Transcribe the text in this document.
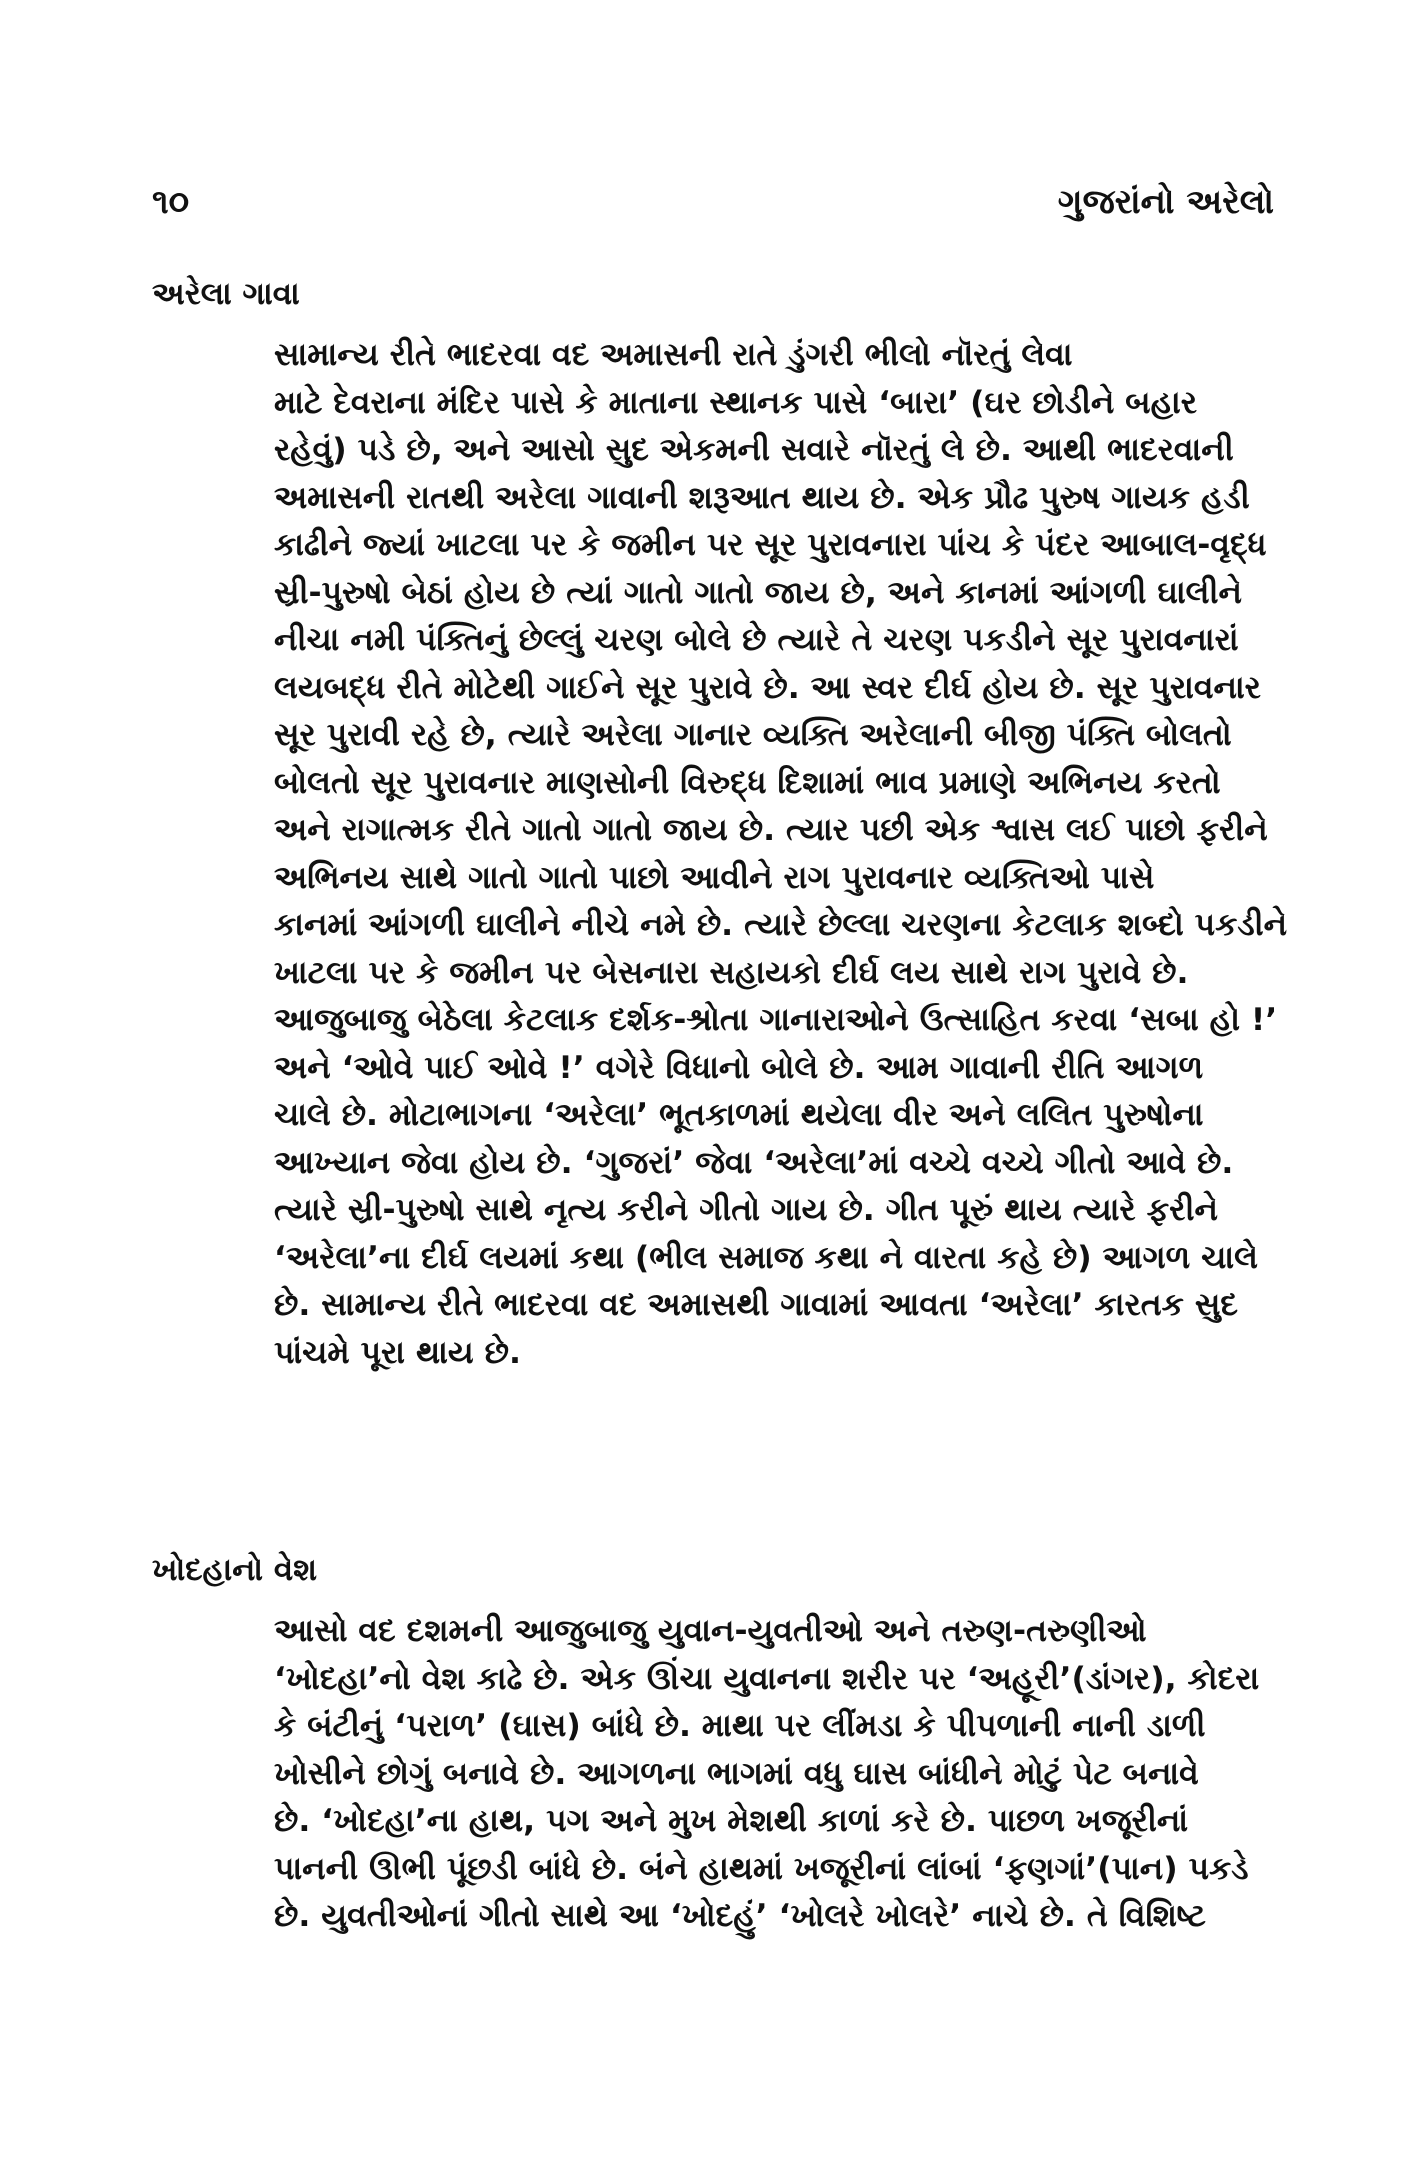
૧૦	ગુજરાંનો અરેલો
અરેલા ગાવા

સામાન્ય રીતે ભાદરવા વદ અમાસની રાતે ડુંગરી ભીલો નૉરતું લેવા
માટે દેવરાના મંદિર પાસે કે માતાના સ્થાનક પાસે ‘બારા’ (ઘર છોડીને બહાર
રહેવું) પડે છે, અને આસો સુદ એકમની સવારે નૉરતું લે છે. આથી ભાદરવાની
અમાસની રાતથી અરેલા ગાવાની શરૂઆત થાય છે. એક પ્રૌઢ પુરુષ ગાયક હડી
કાઢીને જ્યાં ખાટલા પર કે જમીન પર સૂર પુરાવનારા પાંચ કે પંદર આબાલ-વૃદ્ધ
સ્રી-પુરુષો બેઠાં હોય છે ત્યાં ગાતો ગાતો જાય છે, અને કાનમાં આંગળી ઘાલીને
નીચા નમી પંક્તિનું છેલ્લું ચરણ બોલે છે ત્યારે તે ચરણ પકડીને સૂર પુરાવનારાં
લયબદ્ધ રીતે મોટેથી ગાઈને સૂર પુરાવે છે. આ સ્વર દીર્ઘ હોય છે. સૂર પુરાવનાર
સૂર પુરાવી રહે છે, ત્યારે અરેલા ગાનાર વ્યક્તિ અરેલાની બીજી પંક્તિ બોલતો
બોલતો સૂર પુરાવનાર માણસોની વિરુદ્ધ દિશામાં ભાવ પ્રમાણે અભિનય કરતો
અને રાગાત્મક રીતે ગાતો ગાતો જાય છે. ત્યાર પછી એક શ્વાસ લઈ પાછો ફરીને
અભિનય સાથે ગાતો ગાતો પાછો આવીને રાગ પુરાવનાર વ્યક્તિઓ પાસે
કાનમાં આંગળી ઘાલીને નીચે નમે છે. ત્યારે છેલ્લા ચરણના કેટલાક શબ્દો પકડીને
ખાટલા પર કે જમીન પર બેસનારા સહાયકો દીર્ઘ લય સાથે રાગ પુરાવે છે.
આજુબાજુ બેઠેલા કેટલાક દર્શક-શ્રોતા ગાનારાઓને ઉત્સાહિત કરવા ‘સબા હો !’
અને ‘ઓવે પાઈ ઓવે !’ વગેરે વિધાનો બોલે છે. આમ ગાવાની રીતિ આગળ
ચાલે છે. મોટાભાગના ‘અરેલા’ ભૂતકાળમાં થયેલા વીર અને લલિત પુરુષોના
આખ્યાન જેવા હોય છે. ‘ગુજરાં’ જેવા ‘અરેલા’માં વચ્ચે વચ્ચે ગીતો આવે છે.
ત્યારે સ્રી-પુરુષો સાથે નૃત્ય કરીને ગીતો ગાય છે. ગીત પૂરું થાય ત્યારે ફરીને
‘અરેલા’ના દીર્ઘ લયમાં કથા (ભીલ સમાજ કથા ને વારતા કહે છે) આગળ ચાલે
છે. સામાન્ય રીતે ભાદરવા વદ અમાસથી ગાવામાં આવતા ‘અરેલા’ કારતક સુદ
પાંચમે પૂરા થાય છે.

ખોદહાનો વેશ

આસો વદ દશમની આજુબાજુ યુવાન-યુવતીઓ અને તરુણ-તરુણીઓ
‘ખોદહા’નો વેશ કાઢે છે. એક ઊંચા યુવાનના શરીર પર ‘અહૂરી’(ડાંગર), કોદરા
કે બંટીનું ‘પરાળ’ (ઘાસ) બાંધે છે. માથા પર લીંમડા કે પીપળાની નાની ડાળી
ખોસીને છોગું બનાવે છે. આગળના ભાગમાં વધુ ઘાસ બાંધીને મોટું પેટ બનાવે
છે. ‘ખોદહા’ના હાથ, પગ અને મુખ મેશથી કાળાં કરે છે. પાછળ ખજૂરીનાં
પાનની ઊભી પૂંછડી બાંધે છે. બંને હાથમાં ખજૂરીનાં લાંબાં ‘ફણગાં’(પાન) પકડે
છે. યુવતીઓનાં ગીતો સાથે આ ‘ખોદહું’ ‘ખોલરે ખોલરે’ નાચે છે. તે વિશિષ્ટ
